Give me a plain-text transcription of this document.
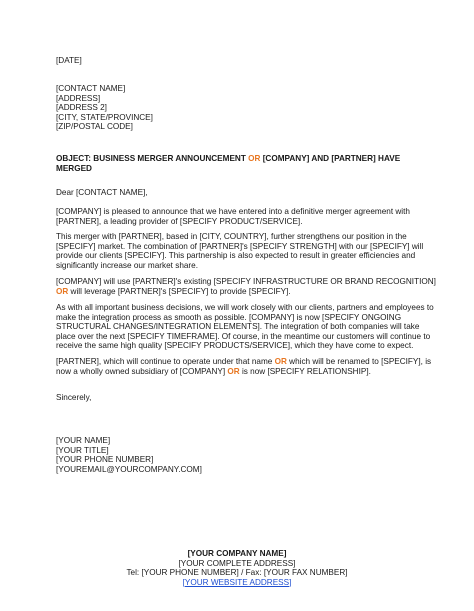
[DATE]
[CONTACT NAME]
[ADDRESS]
[ADDRESS 2]
[CITY, STATE/PROVINCE]
[ZIP/POSTAL CODE]
OBJECT: BUSINESS MERGER ANNOUNCEMENT OR [COMPANY] AND [PARTNER] HAVE
MERGED
Dear [CONTACT NAME],
[COMPANY] is pleased to announce that we have entered into a definitive merger agreement with
[PARTNER], a leading provider of [SPECIFY PRODUCT/SERVICE].
This merger with [PARTNER], based in [CITY, COUNTRY], further strengthens our position in the
[SPECIFY] market. The combination of [PARTNER]'s [SPECIFY STRENGTH] with our [SPECIFY] will
provide our clients [SPECIFY]. This partnership is also expected to result in greater efficiencies and
significantly increase our market share.
[COMPANY] will use [PARTNER]'s existing [SPECIFY INFRASTRUCTURE OR BRAND RECOGNITION]
OR will leverage [PARTNER]'s [SPECIFY] to provide [SPECIFY].
As with all important business decisions, we will work closely with our clients, partners and employees to
make the integration process as smooth as possible. [COMPANY] is now [SPECIFY ONGOING
STRUCTURAL CHANGES/INTEGRATION ELEMENTS]. The integration of both companies will take
place over the next [SPECIFY TIMEFRAME]. Of course, in the meantime our customers will continue to
receive the same high quality [SPECIFY PRODUCTS/SERVICE], which they have come to expect.
[PARTNER], which will continue to operate under that name OR which will be renamed to [SPECIFY], is
now a wholly owned subsidiary of [COMPANY] OR is now [SPECIFY RELATIONSHIP].
Sincerely,
[YOUR NAME]
[YOUR TITLE]
[YOUR PHONE NUMBER]
[YOUREMAIL@YOURCOMPANY.COM]
[YOUR COMPANY NAME]
[YOUR COMPLETE ADDRESS]
Tel: [YOUR PHONE NUMBER] / Fax: [YOUR FAX NUMBER]
[YOUR WEBSITE ADDRESS]
